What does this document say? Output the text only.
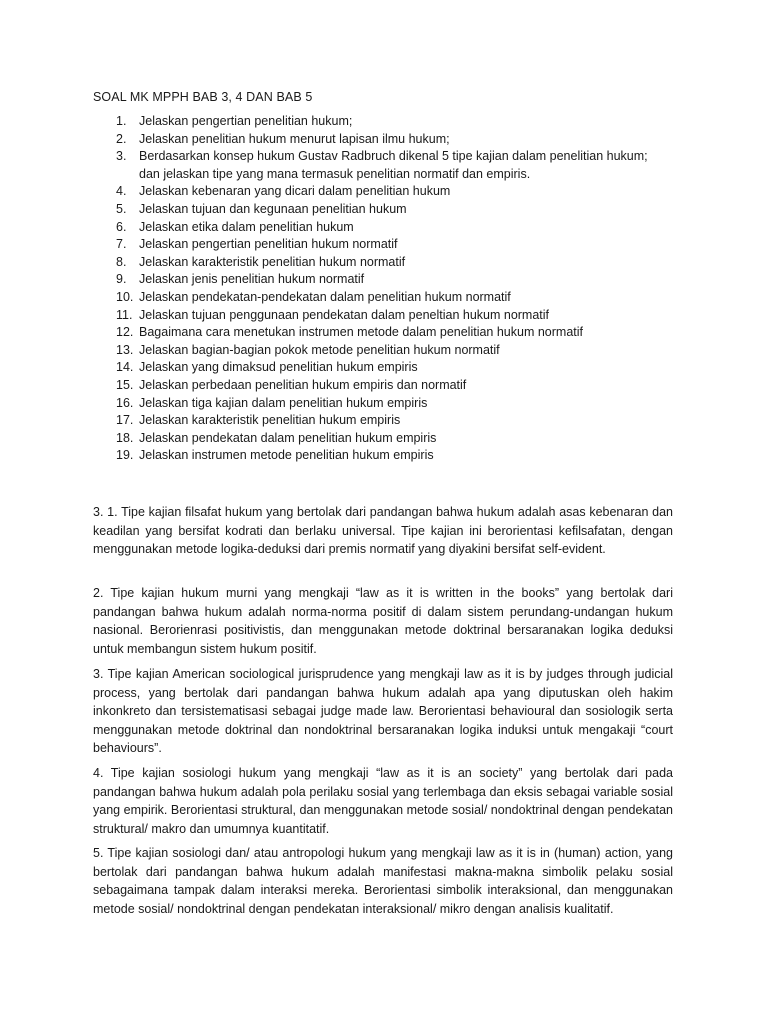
SOAL MK MPPH BAB 3, 4 DAN BAB 5
1. Jelaskan pengertian penelitian hukum;
2. Jelaskan penelitian hukum menurut lapisan ilmu hukum;
3. Berdasarkan konsep hukum Gustav Radbruch dikenal 5 tipe kajian dalam penelitian hukum;
dan jelaskan tipe yang mana termasuk penelitian normatif dan empiris.
4. Jelaskan kebenaran yang dicari dalam penelitian hukum
5. Jelaskan tujuan dan kegunaan penelitian hukum
6. Jelaskan etika dalam penelitian hukum
7. Jelaskan pengertian penelitian hukum normatif
8. Jelaskan karakteristik penelitian hukum normatif
9. Jelaskan jenis penelitian hukum normatif
10. Jelaskan pendekatan-pendekatan dalam penelitian hukum normatif
11. Jelaskan tujuan penggunaan pendekatan dalam peneltian hukum normatif
12. Bagaimana cara menetukan instrumen metode dalam penelitian hukum normatif
13. Jelaskan bagian-bagian pokok metode penelitian hukum normatif
14. Jelaskan yang dimaksud penelitian hukum empiris
15. Jelaskan perbedaan penelitian hukum empiris dan normatif
16. Jelaskan tiga kajian dalam penelitian hukum empiris
17. Jelaskan karakteristik penelitian hukum empiris
18. Jelaskan pendekatan dalam penelitian hukum empiris
19. Jelaskan instrumen metode penelitian hukum empiris

3. 1. Tipe kajian filsafat hukum yang bertolak dari pandangan bahwa hukum adalah asas kebenaran dan keadilan yang bersifat kodrati dan berlaku universal. Tipe kajian ini berorientasi kefilsafatan, dengan menggunakan metode logika-deduksi dari premis normatif yang diyakini bersifat self-evident.

2. Tipe kajian hukum murni yang mengkaji “law as it is written in the books” yang bertolak dari pandangan bahwa hukum adalah norma-norma positif di dalam sistem perundang-undangan hukum nasional. Berorienrasi positivistis, dan menggunakan metode doktrinal bersaranakan logika deduksi untuk membangun sistem hukum positif.

3. Tipe kajian American sociological jurisprudence yang mengkaji law as it is by judges through judicial process, yang bertolak dari pandangan bahwa hukum adalah apa yang diputuskan oleh hakim inkonkreto dan tersistematisasi sebagai judge made law. Berorientasi behavioural dan sosiologik serta menggunakan metode doktrinal dan nondoktrinal bersaranakan logika induksi untuk mengakaji “court behaviours”.

4. Tipe kajian sosiologi hukum yang mengkaji “law as it is an society” yang bertolak dari pada pandangan bahwa hukum adalah pola perilaku sosial yang terlembaga dan eksis sebagai variable sosial yang empirik. Berorientasi struktural, dan menggunakan metode sosial/ nondoktrinal dengan pendekatan struktural/ makro dan umumnya kuantitatif.

5. Tipe kajian sosiologi dan/ atau antropologi hukum yang mengkaji law as it is in (human) action, yang bertolak dari pandangan bahwa hukum adalah manifestasi makna-makna simbolik pelaku sosial sebagaimana tampak dalam interaksi mereka. Berorientasi simbolik interaksional, dan menggunakan metode sosial/ nondoktrinal dengan pendekatan interaksional/ mikro dengan analisis kualitatif.
